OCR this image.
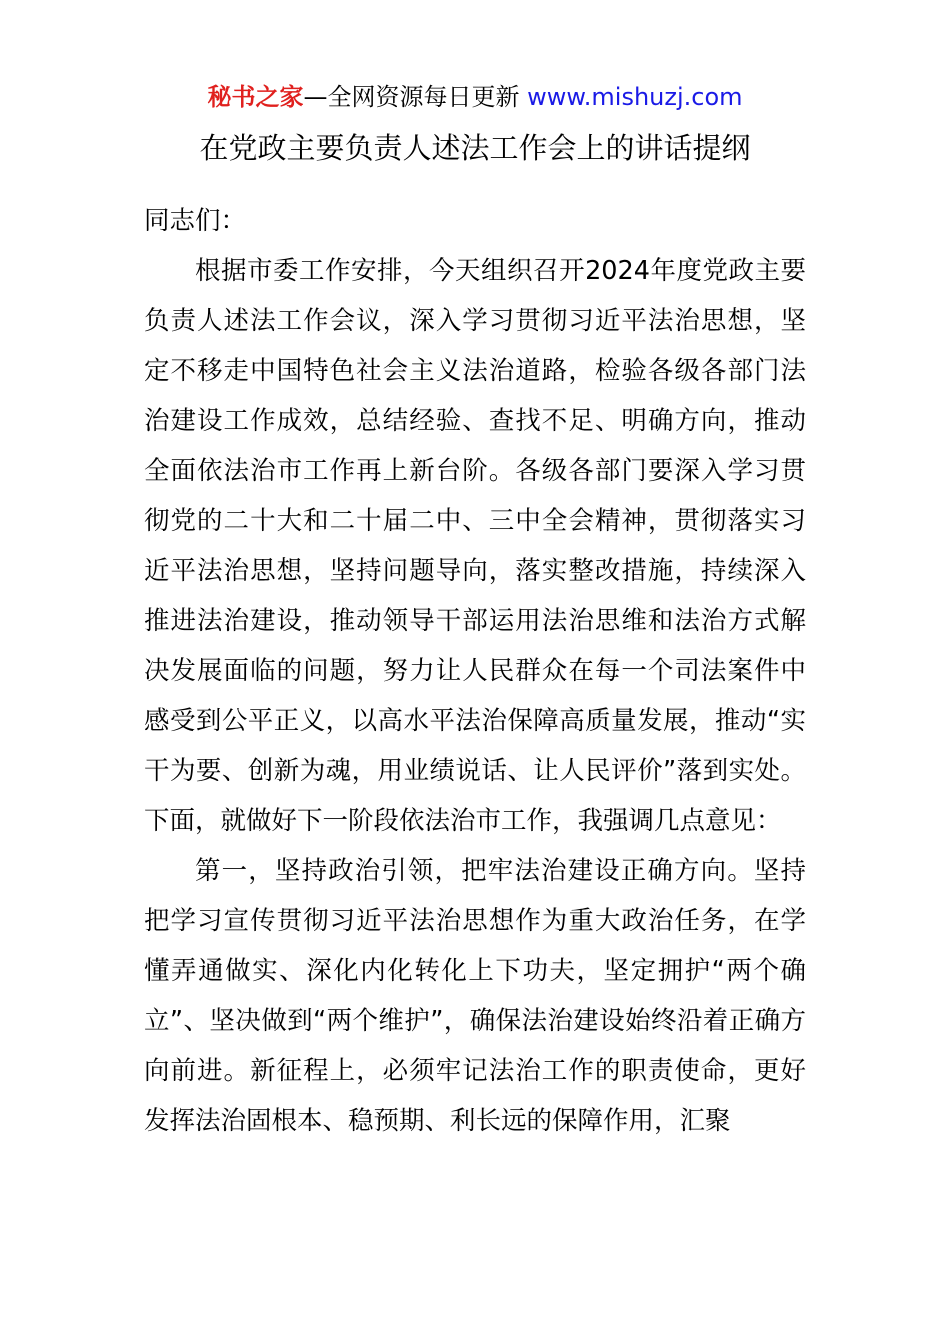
秘书之家—全网资源每日更新 www.mishuzj.com
在党政主要负责人述法工作会上的讲话提纲

同志们：

根据市委工作安排，今天组织召开2024年度党政主要负责人述法工作会议，深入学习贯彻习近平法治思想，坚定不移走中国特色社会主义法治道路，检验各级各部门法治建设工作成效，总结经验、查找不足、明确方向，推动全面依法治市工作再上新台阶。各级各部门要深入学习贯彻党的二十大和二十届二中、三中全会精神，贯彻落实习近平法治思想，坚持问题导向，落实整改措施，持续深入推进法治建设，推动领导干部运用法治思维和法治方式解决发展面临的问题，努力让人民群众在每一个司法案件中感受到公平正义，以高水平法治保障高质量发展，推动“实干为要、创新为魂，用业绩说话、让人民评价”落到实处。下面，就做好下一阶段依法治市工作，我强调几点意见：

第一，坚持政治引领，把牢法治建设正确方向。坚持把学习宣传贯彻习近平法治思想作为重大政治任务，在学懂弄通做实、深化内化转化上下功夫，坚定拥护“两个确立”、坚决做到“两个维护”，确保法治建设始终沿着正确方向前进。新征程上，必须牢记法治工作的职责使命，更好发挥法治固根本、稳预期、利长远的保障作用，汇聚
